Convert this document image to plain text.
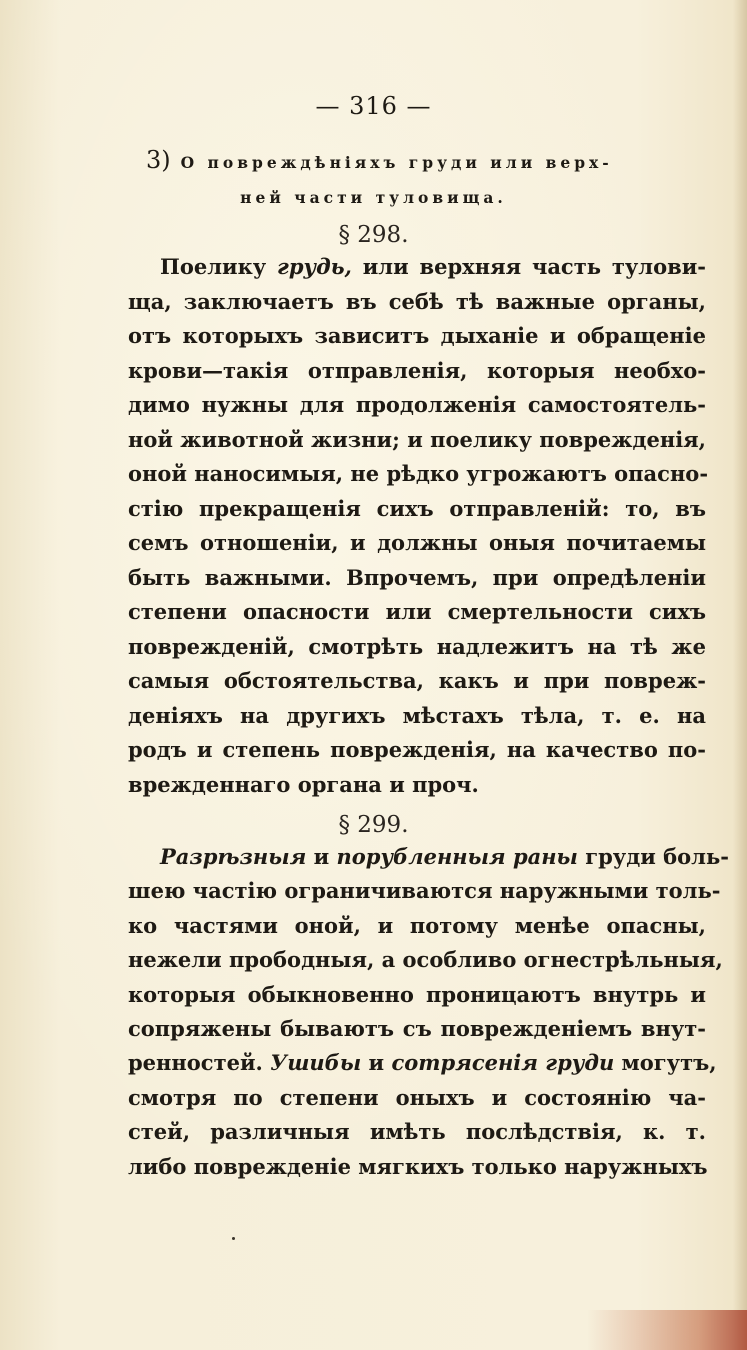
— 316 —
3) О повреждѣніяхъ груди или верх-
ней части туловища.
§ 298.
Поелику грудь, или верхняя часть тулови-
ща, заключаетъ въ себѣ тѣ важные органы,
отъ которыхъ зависитъ дыханіе и обращеніе
крови—такія отправленія, которыя необхо-
димо нужны для продолженія самостоятель-
ной животной жизни; и поелику поврежденія,
оной наносимыя, не рѣдко угрожаютъ опасно-
стію прекращенія сихъ отправленій: то, въ
семъ отношеніи, и должны оныя почитаемы
быть важными. Впрочемъ, при опредѣленіи
степени опасности или смертельности сихъ
поврежденій, смотрѣть надлежитъ на тѣ же
самыя обстоятельства, какъ и при повреж-
деніяхъ на другихъ мѣстахъ тѣла, т. е. на
родъ и степень поврежденія, на качество по-
врежденнаго органа и проч.
§ 299.
Разрѣзныя и порубленныя раны груди боль-
шею частію ограничиваются наружными толь-
ко частями оной, и потому менѣе опасны,
нежели прободныя, а особливо огнестрѣльныя,
которыя обыкновенно проницаютъ внутрь и
сопряжены бываютъ съ поврежденіемъ внут-
ренностей. Ушибы и сотрясенія груди могутъ,
смотря по степени оныхъ и состоянію ча-
стей, различныя имѣть послѣдствія, к. т.
либо поврежденіе мягкихъ только наружныхъ
